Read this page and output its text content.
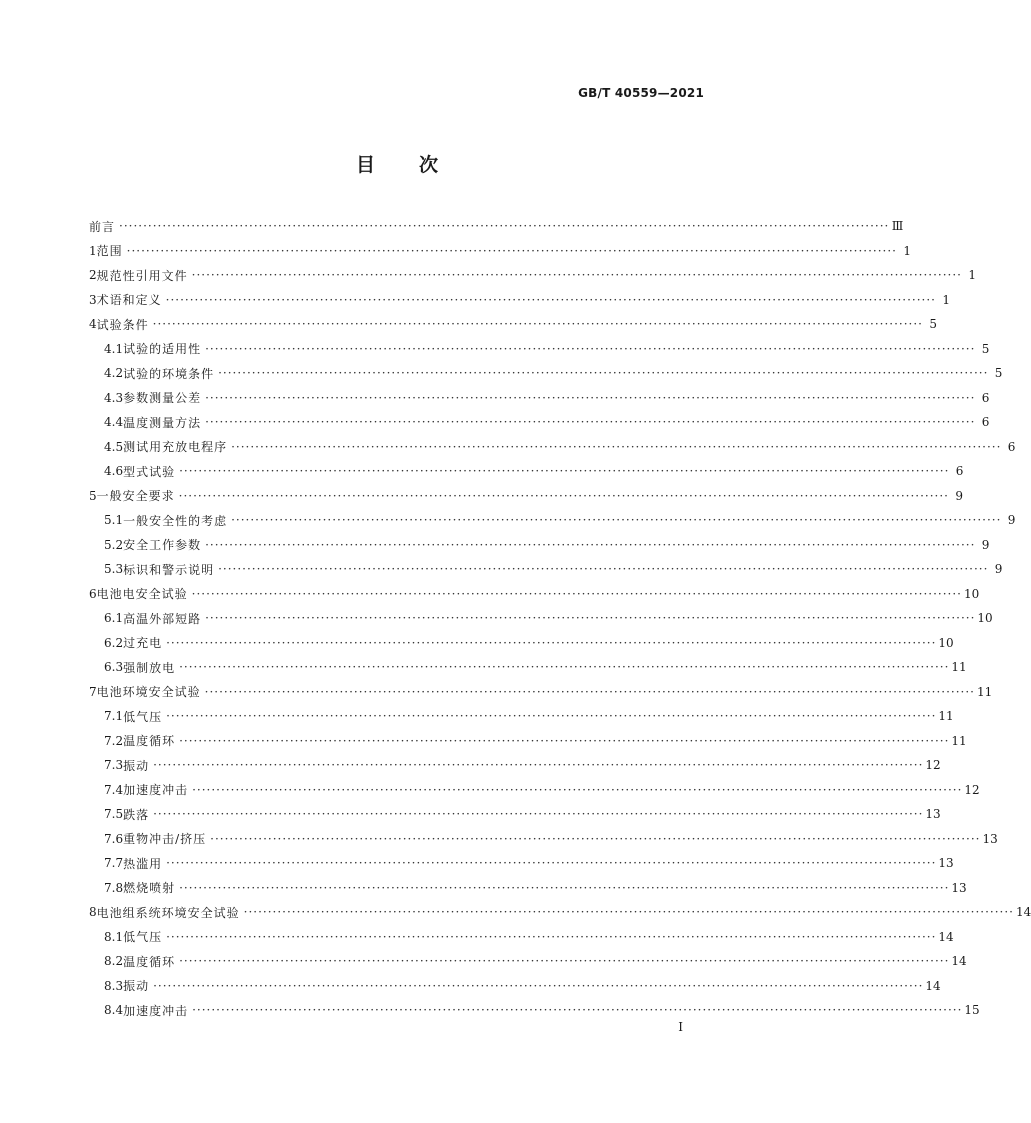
GB/T 40559—2021
目 次
前言 ································································································································································ Ⅲ
1 范围 ································································································································································ 1
2 规范性引用文件 ································································································································································ 1
3 术语和定义 ································································································································································ 1
4 试验条件 ································································································································································ 5
4.1 试验的适用性 ································································································································································ 5
4.2 试验的环境条件 ································································································································································ 5
4.3 参数测量公差 ································································································································································ 6
4.4 温度测量方法 ································································································································································ 6
4.5 测试用充放电程序 ································································································································································ 6
4.6 型式试验 ································································································································································ 6
5 一般安全要求 ································································································································································ 9
5.1 一般安全性的考虑 ································································································································································ 9
5.2 安全工作参数 ································································································································································ 9
5.3 标识和警示说明 ································································································································································ 9
6 电池电安全试验 ································································································································································ 10
6.1 高温外部短路 ································································································································································ 10
6.2 过充电 ································································································································································ 10
6.3 强制放电 ································································································································································ 11
7 电池环境安全试验 ································································································································································ 11
7.1 低气压 ································································································································································ 11
7.2 温度循环 ································································································································································ 11
7.3 振动 ································································································································································ 12
7.4 加速度冲击 ································································································································································ 12
7.5 跌落 ································································································································································ 13
7.6 重物冲击/挤压 ································································································································································ 13
7.7 热滥用 ································································································································································ 13
7.8 燃烧喷射 ································································································································································ 13
8 电池组系统环境安全试验 ································································································································································ 14
8.1 低气压 ································································································································································ 14
8.2 温度循环 ································································································································································ 14
8.3 振动 ································································································································································ 14
8.4 加速度冲击 ································································································································································ 15
I
